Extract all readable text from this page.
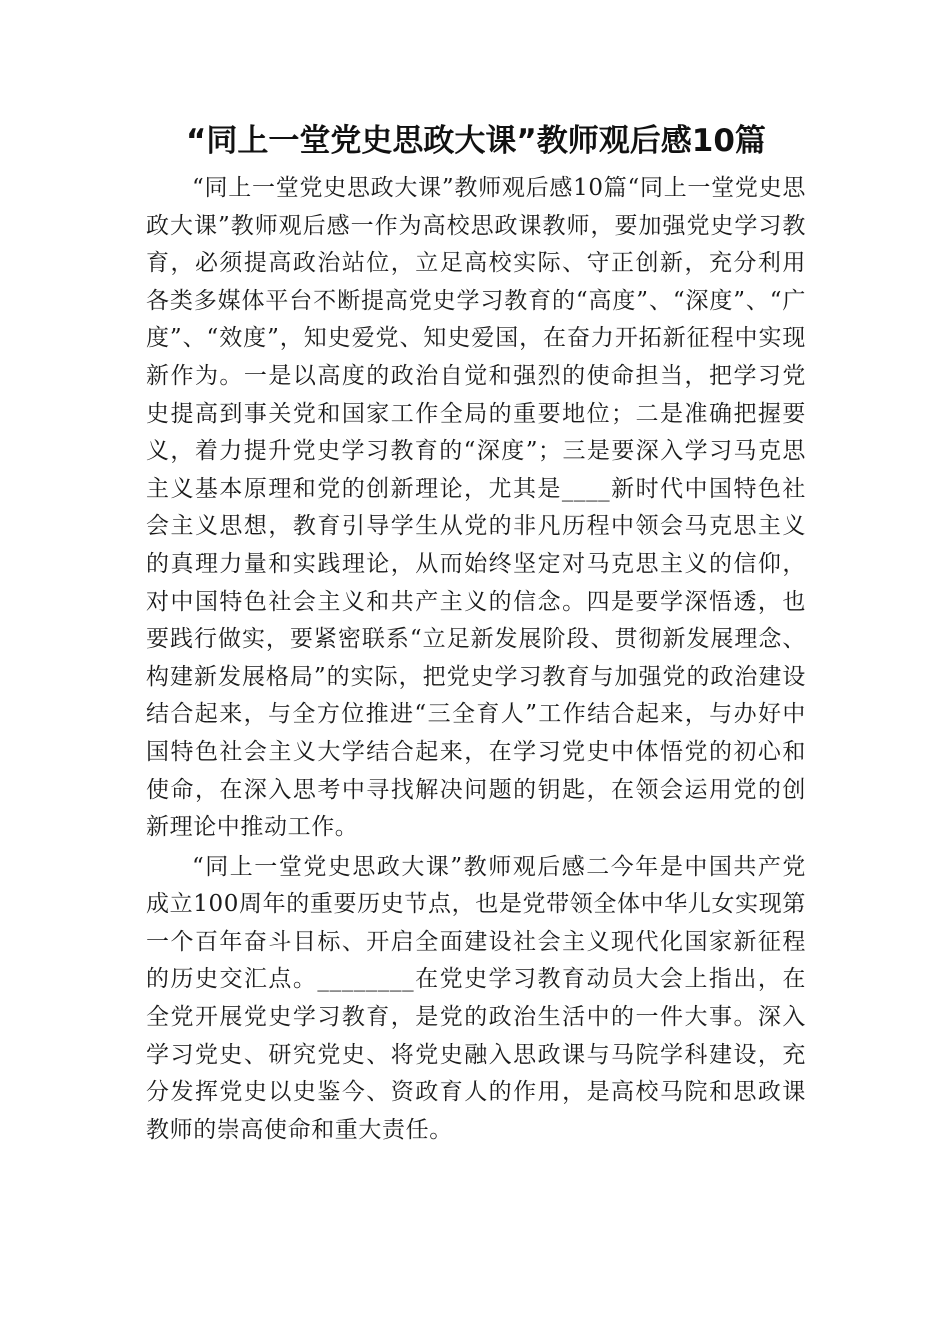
“同上一堂党史思政大课”教师观后感10篇

“同上一堂党史思政大课”教师观后感10篇“同上一堂党史思政大课”教师观后感一作为高校思政课教师，要加强党史学习教育，必须提高政治站位，立足高校实际、守正创新，充分利用各类多媒体平台不断提高党史学习教育的“高度”、“深度”、“广度”、“效度”，知史爱党、知史爱国，在奋力开拓新征程中实现新作为。一是以高度的政治自觉和强烈的使命担当，把学习党史提高到事关党和国家工作全局的重要地位；二是准确把握要义，着力提升党史学习教育的“深度”；三是要深入学习马克思主义基本原理和党的创新理论，尤其是____新时代中国特色社会主义思想，教育引导学生从党的非凡历程中领会马克思主义的真理力量和实践理论，从而始终坚定对马克思主义的信仰，对中国特色社会主义和共产主义的信念。四是要学深悟透，也要践行做实，要紧密联系“立足新发展阶段、贯彻新发展理念、构建新发展格局”的实际，把党史学习教育与加强党的政治建设结合起来，与全方位推进“三全育人”工作结合起来，与办好中国特色社会主义大学结合起来，在学习党史中体悟党的初心和使命，在深入思考中寻找解决问题的钥匙，在领会运用党的创新理论中推动工作。

“同上一堂党史思政大课”教师观后感二今年是中国共产党成立100周年的重要历史节点，也是党带领全体中华儿女实现第一个百年奋斗目标、开启全面建设社会主义现代化国家新征程的历史交汇点。________在党史学习教育动员大会上指出，在全党开展党史学习教育，是党的政治生活中的一件大事。深入学习党史、研究党史、将党史融入思政课与马院学科建设，充分发挥党史以史鉴今、资政育人的作用，是高校马院和思政课教师的崇高使命和重大责任。
